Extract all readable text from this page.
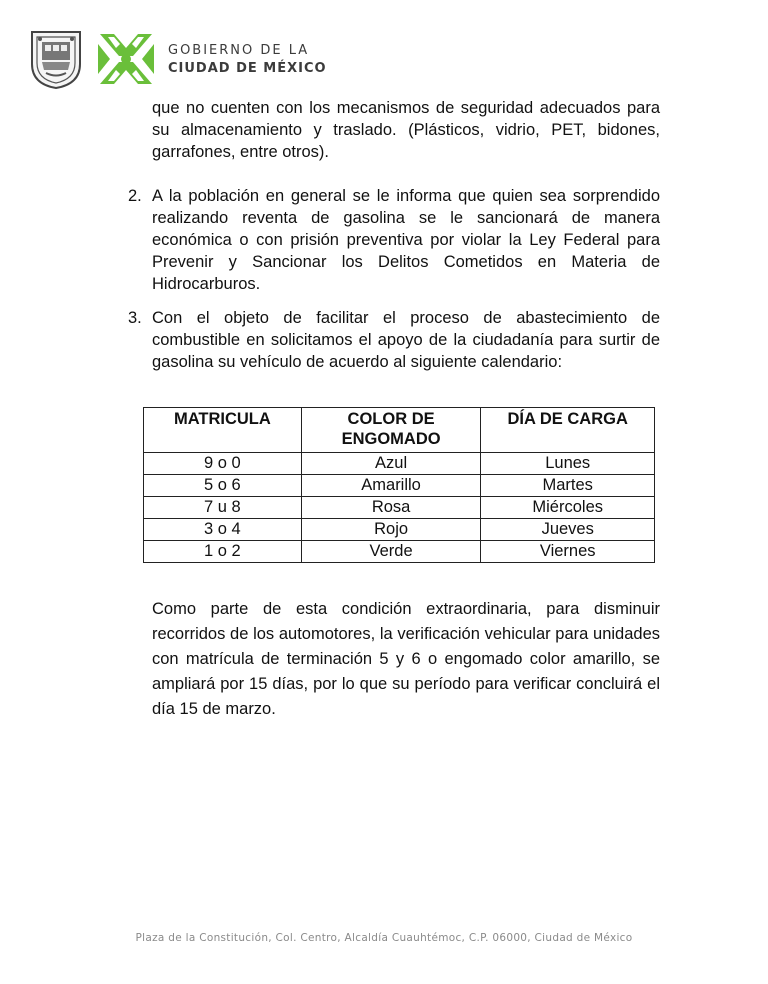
GOBIERNO DE LA
CIUDAD DE MÉXICO
que no cuenten con los mecanismos de seguridad adecuados para su almacenamiento y traslado. (Plásticos, vidrio, PET, bidones, garrafones, entre otros).
2. A la población en general se le informa que quien sea sorprendido realizando reventa de gasolina se le sancionará de manera económica o con prisión preventiva por violar la Ley Federal para Prevenir y Sancionar los Delitos Cometidos en Materia de Hidrocarburos.
3. Con el objeto de facilitar el proceso de abastecimiento de combustible en solicitamos el apoyo de la ciudadanía para surtir de gasolina su vehículo de acuerdo al siguiente calendario:
MATRICULA	COLOR DE ENGOMADO	DÍA DE CARGA
9 o 0	Azul	Lunes
5 o 6	Amarillo	Martes
7 u 8	Rosa	Miércoles
3 o 4	Rojo	Jueves
1 o 2	Verde	Viernes
Como parte de esta condición extraordinaria, para disminuir recorridos de los automotores, la verificación vehicular para unidades con matrícula de terminación 5 y 6 o engomado color amarillo, se ampliará por 15 días, por lo que su período para verificar concluirá el día 15 de marzo.
Plaza de la Constitución, Col. Centro, Alcaldía Cuauhtémoc, C.P. 06000, Ciudad de México
